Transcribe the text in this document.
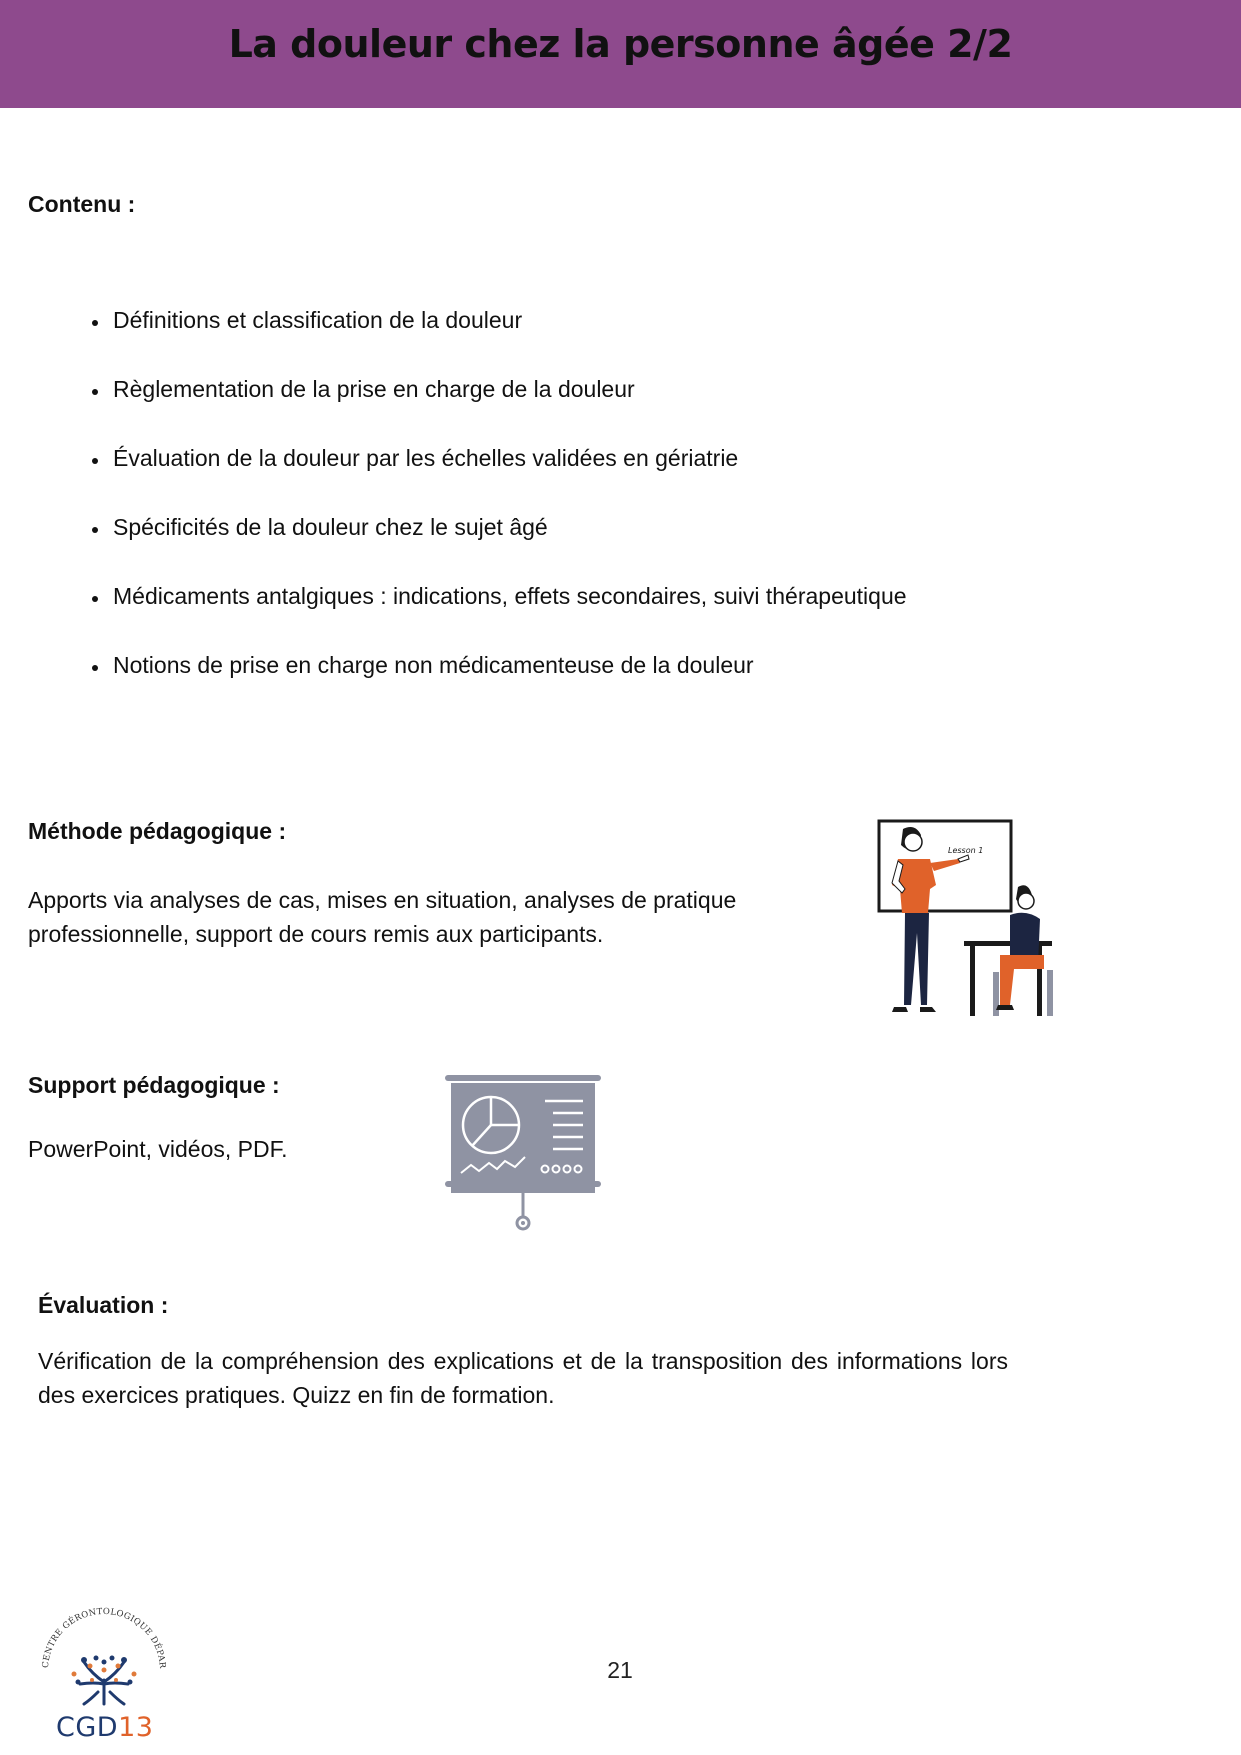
La douleur chez la personne âgée 2/2
Contenu :
Définitions et classification de la douleur
Règlementation de la prise en charge de la douleur
Évaluation de la douleur par les échelles validées en gériatrie
Spécificités de la douleur chez le sujet âgé
Médicaments antalgiques : indications, effets secondaires, suivi thérapeutique
Notions de prise en charge non médicamenteuse de la douleur
Méthode pédagogique :

Apports via analyses de cas, mises en situation, analyses de pratique professionnelle, support de cours remis aux participants.

Lesson 1
Support pédagogique :

PowerPoint, vidéos, PDF.

Évaluation :

Vérification de la compréhension des explications et de la transposition des informations lors des exercices pratiques. Quizz en fin de formation.

21
CENTRE GÉRONTOLOGIQUE DÉPAR
CGD13
